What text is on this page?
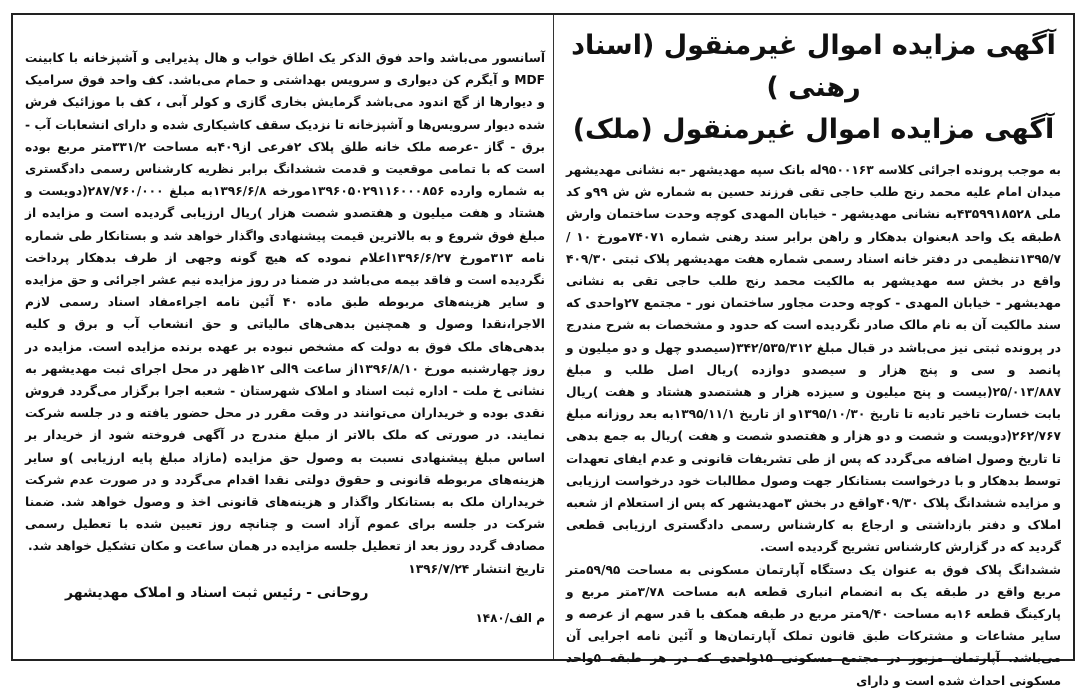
آگهی مزایده اموال غیرمنقول (اسناد رهنی )

آگهی مزایده اموال غیرمنقول (ملک)

به موجب پرونده اجرائی کلاسه ۹۵۰۰۱۶۳له بانک سپه مهدیشهر -به نشانی مهدیشهر میدان امام علیه محمد رنج طلب حاجی تقی فرزند حسین به شماره ش ش ۹۹و کد ملی ۴۳۵۹۹۱۸۵۲۸به نشانی مهدیشهر - خیابان المهدی کوچه وحدت ساختمان وارش ۸طبقه یک واحد ۸بعنوان بدهکار و راهن برابر سند رهنی شماره ۷۴۰۷۱مورخ ۱۰ /۱۳۹۵/۷تنظیمی در دفتر خانه اسناد رسمی شماره هفت مهدیشهر پلاک ثبتی ۴۰۹/۳۰ واقع در بخش سه مهدیشهر به مالکیت محمد رنج طلب حاجی تقی به نشانی مهدیشهر - خیابان المهدی - کوچه وحدت مجاور ساختمان نور - مجتمع ۲۷واحدی که سند مالکیت آن به نام مالک صادر نگردیده است که حدود و مشخصات به شرح مندرج در پرونده ثبتی نیز می‌باشد در قبال مبلغ ۳۴۲/۵۳۵/۳۱۲(سیصدو چهل و دو میلیون و پانصد و سی و پنج هزار و سیصدو دوازده )ریال اصل طلب و مبلغ ۲۵/۰۱۳/۸۸۷(بیست و پنج میلیون و سیزده هزار و هشتصدو هشتاد و هفت )ریال بابت خسارت تاخیر تادیه تا تاریخ ۱۳۹۵/۱۰/۳۰و از تاریخ ۱۳۹۵/۱۱/۱به بعد روزانه مبلغ ۲۶۲/۷۶۷(دویست و شصت و دو هزار و هفتصدو شصت و هفت )ریال به جمع بدهی تا تاریخ وصول اضافه می‌گردد که پس از طی تشریفات قانونی و عدم ایفای تعهدات توسط بدهکار و با درخواست بستانکار جهت وصول مطالبات خود درخواست ارزیابی و مزایده ششدانگ پلاک ۴۰۹/۳۰واقع در بخش ۳مهدیشهر که پس از استعلام از شعبه املاک و دفتر بازداشتی و ارجاع به کارشناس رسمی دادگستری ارزیابی قطعی گردید که در گزارش کارشناس تشریح گردیده است.

ششدانگ پلاک فوق به عنوان یک دستگاه آپارتمان مسکونی به مساحت ۵۹/۹۵متر مربع واقع در طبقه یک به انضمام انباری قطعه ۸به مساحت ۳/۷۸متر مربع و پارکینگ قطعه ۱۶به مساحت ۹/۴۰متر مربع در طبقه همکف با قدر سهم از عرصه و سایر مشاعات و مشترکات طبق قانون تملک آپارتمان‌ها و آئین نامه اجرایی آن می‌باشد. آپارتمان مزبور در مجتمع مسکونی ۱۵واحدی که در هر طبقه ۵واحد مسکونی احداث شده است و دارای

آسانسور می‌باشد واحد فوق الذکر یک اطاق خواب و هال پذیرایی و آشپزخانه با کابینت MDF و آیگرم کن دیواری و سرویس بهداشتی و حمام می‌باشد. کف واحد فوق سرامیک و دیوارها از گچ اندود می‌باشد گرمایش بخاری گازی و کولر آبی ، کف با موزائیک فرش شده دیوار سرویس‌ها و آشپزخانه تا نزدیک سقف کاشیکاری شده و دارای انشعابات آب - برق - گاز -عرصه ملک خانه طلق پلاک ۲فرعی از۴۰۹به مساحت ۳۳۱/۲متر مربع بوده است که با تمامی موقعیت و قدمت ششدانگ برابر نظریه کارشناس رسمی دادگستری به شماره وارده ۱۳۹۶۰۵۰۲۹۱۱۶۰۰۰۸۵۶مورخه ۱۳۹۶/۶/۸به مبلغ ۲۸۷/۷۶۰/۰۰۰(دویست و هشتاد و هفت میلیون و هفتصدو شصت هزار )ریال ارزیابی گردیده است و مزایده از مبلغ فوق شروع و به بالاترین قیمت پیشنهادی واگذار خواهد شد و بستانکار طی شماره نامه ۳۱۳مورخ ۱۳۹۶/۶/۲۷اعلام نموده که هیچ گونه وجهی از طرف بدهکار پرداخت نگردیده است و فاقد بیمه می‌باشد در ضمنا در روز مزایده نیم عشر اجرائی و حق مزایده و سایر هزینه‌های مربوطه طبق ماده ۴۰ آئین نامه اجراءمفاد اسناد رسمی لازم الاجرا،نقدا وصول و همچنین بدهی‌های مالیاتی و حق انشعاب آب و برق و کلیه بدهی‌های ملک فوق به دولت که مشخص نبوده بر عهده برنده مزایده است. مزایده در روز چهارشنبه مورخ ۱۳۹۶/۸/۱۰از ساعت ۹الی ۱۲ظهر در محل اجرای ثبت مهدیشهر به نشانی خ ملت - اداره ثبت اسناد و املاک شهرستان - شعبه اجرا برگزار می‌گردد فروش نقدی بوده و خریداران می‌توانند در وقت مقرر در محل حضور یافته و در جلسه شرکت نمایند. در صورتی که ملک بالاتر از مبلغ مندرج در آگهی فروخته شود از خریدار بر اساس مبلغ پیشنهادی نسبت به وصول حق مزایده (مازاد مبلغ پایه ارزیابی )و سایر هزینه‌های مربوطه قانونی و حقوق دولتی نقدا اقدام می‌گردد و در صورت عدم شرکت خریداران ملک به بستانکار واگذار و هزینه‌های قانونی اخذ و وصول خواهد شد. ضمنا شرکت در جلسه برای عموم آزاد است و چنانچه روز تعیین شده با تعطیل رسمی مصادف گردد روز بعد از تعطیل جلسه مزایده در همان ساعت و مکان تشکیل خواهد شد.

تاریخ انتشار ۱۳۹۶/۷/۲۴

روحانی - رئیس ثبت اسناد و املاک مهدیشهر

م الف/۱۴۸۰
